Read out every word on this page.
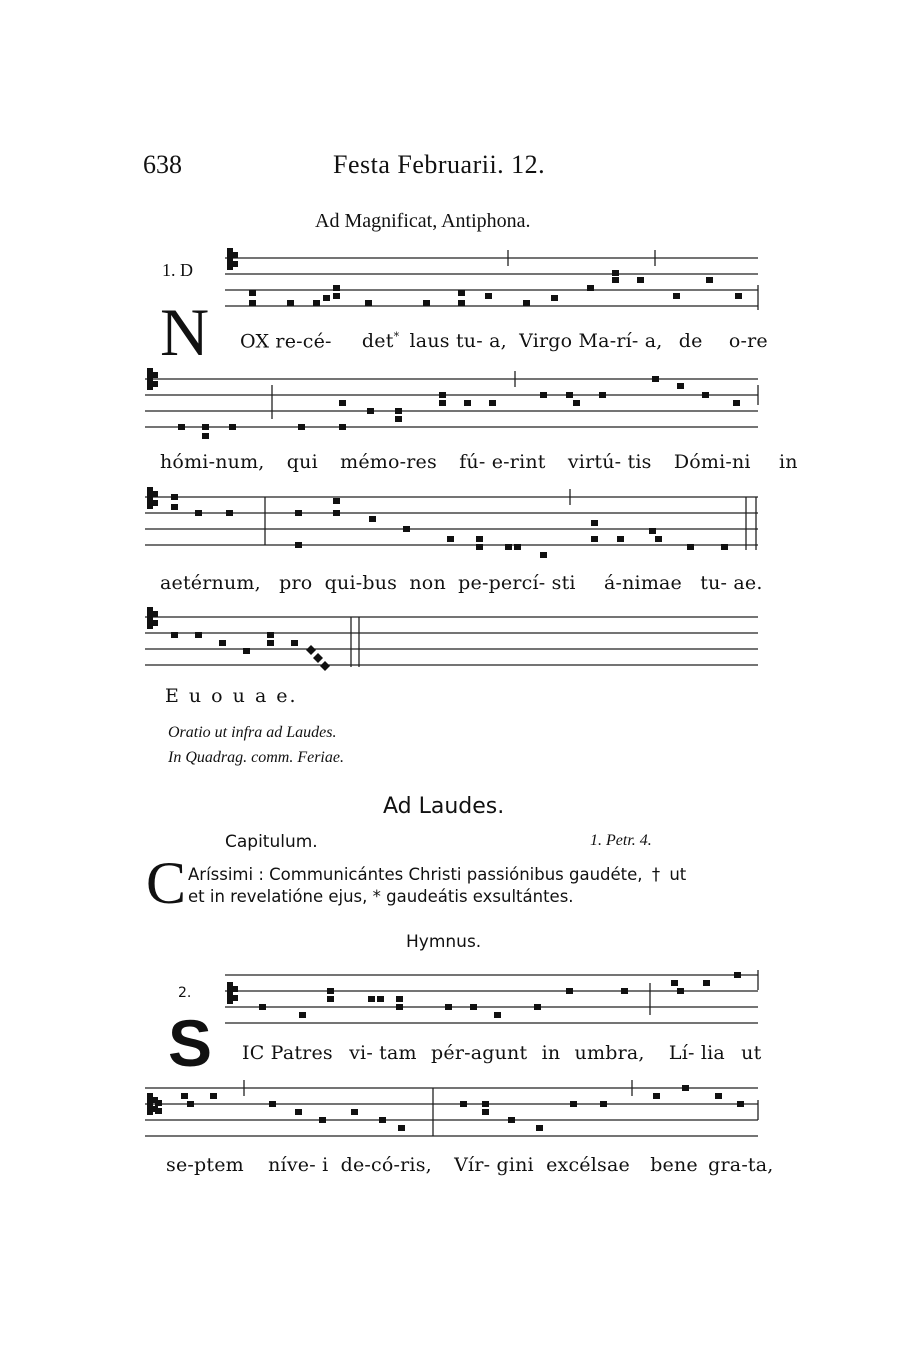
638	Festa Februarii. 12.
Ad Magnificat, Antiphona.
1. D
N OX re-cé- det* laus tu- a, Virgo Ma-rí- a, de o-re
hómi-num, qui mémo-res fú- e-rint virtú- tis Dómi-ni in
aetérnum, pro qui-bus non pe-percí- sti á-nimae tu- ae.
E u o u a e.
Oratio ut infra ad Laudes.
In Quadrag. comm. Feriae.
Ad Laudes.
Capitulum.	1. Petr. 4.
C Aríssimi : Communicántes Christi passiónibus gaudéte, † ut
et in revelatióne ejus, * gaudeátis exsultántes.
Hymnus.
2.
S IC Patres vi- tam pér-agunt in umbra, Lí- lia ut
se-ptem níve- i de-có-ris, Vír- gini excélsae bene gra-ta,
